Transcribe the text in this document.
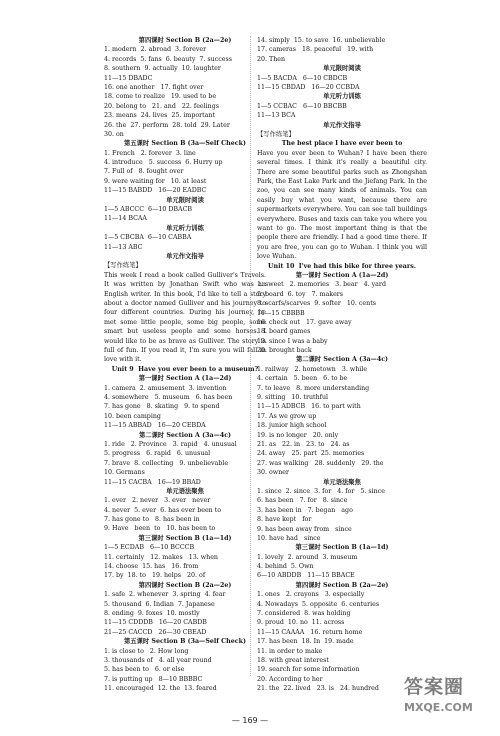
第四课时 Section B (2a—2e)
1. modern  2. abroad  3. forever
4. records  5. fans  6. beauty  7. success
8. southern  9. actually  10. laughter
11—15 DBADC
16. one another   17. fight over
18. come to realize   19. used to be
20. belong to   21. and   22. feelings
23. means  24. lives  25. important
26. the  27. perform  28. told  29. Later
30. on
第五课时 Section B (3a—Self Check)
1. French   2. forever  3. line
4. introduce   5. success  6. Hurry up
7. Full of   8. fought over
9. were waiting for   10. at least
11—15 BABDD   16—20 EADBC
单元限时阅读
1—5 ABCCC  6—10 DBACB
11—14 BCAA
单元听力训练
1—5 CBCBA  6—10 CABBA
11—13 ABC
单元作文指导
【写作练笔】
This week I read a book called Gulliver's Travels. It was written by Jonathan Swift who was an English writer. In this book, I'd like to tell a story about a doctor named Gulliver and his journey to four different countries. During his journey, he met some little people, some big people, some smart but useless people and some horses. I would like to be as brave as Gulliver. The story is full of fun. If you read it, I'm sure you will fall in love with it.
Unit 9  Have you ever been to a museum?
第一课时 Section A (1a—2d)
1. camera  2. amusement  3. invention
4. somewhere   5. museum   6. has been
7. has gone   8. skating   9. to spend
10. been camping
11—15 ABBAD   16—20 CEBDA
第二课时 Section A (3a—4c)
1. ride   2. Province   3. rapid   4. unusual
5. progress   6. rapid   6. unusual
7. brave  8. collecting   9. unbelievable
10. Germans
11—15 CACBA   16—19 BBAD
单元语法聚焦
1. ever   2. never   3. ever   never
4. never  5. ever  6. has ever been to
7. has gone to   8. has been in
9. Have   been  to   10. has been to
第三课时 Section B (1a—1d)
1—5 ECDAB   6—10 BCCCB
11. certainly   12. makes   13. when
14. choose  15. has   16. from
17. by  18. to   19. helps   20. of
第四课时 Section B (2a—2e)
1. safe  2. whenever  3. spring  4. fear
5. thousand  6. Indian  7. Japanese
8. ending  9. foxes  10. mostly
11—15 CDDDB   16—20 CABDB
21—25 CACCD   26—30 CBEAD
第五课时 Section B (3a—Self Check)
1. is close to   2. How long
3. thousands of   4. all year round
5. has been to   6. or else
7. is putting up   8—10 BBBBC
11. encouraged  12. the  13. feared
14. simply  15. to save  16. unbelievable
17. cameras   18. peaceful   19. with
20. Then
单元限时阅读
1—5 BACDA   6—10 CBDCB
11—15 CBDAD   16—20 CCBDA
单元听力训练
1—5 CCBAC   6—10 BBCBB
11—13 BCA
单元作文指导
【写作练笔】
The best place I have ever been to
Have you ever been to Wuhan? I have been there several times. I think it's really a beautiful city. There are some beautiful parks such as Zhongshan Park, the East Lake Park and the Jiefang Park. In the zoo, you can see many kinds of animals. You can easily buy what you want, because there are supermarkets everywhere. You can see tall buildings everywhere. Buses and taxis can take you where you want to go. The most important thing is that the people there are friendly. I had a good time there. If you are free, you can go to Wuhan. I think you will love Wuhan.
Unit 10  I've had this bike for three years.
第一课时 Section A (1a—2d)
1. sweet   2. memories   3. bear   4. yard
5. board  6. toy   7. makers
8. scarfs/scarves  9. softer   10. cents
11—15 CBBBB
16. check out   17. gave away
18. board games
19. since I was a baby
20. brought back
第二课时 Section A (3a—4c)
1. railway   2. hometown   3. while
4. certain   5. been   6. to be
7. to leave   8. more understanding
9. sitting   10. truthful
11—15 ADBCB   16. to part with
17. As we grow up
18. junior high school
19. is no longer   20. only
21. as   22. in   23. to   24. as
24. away   25. part  25. memories
27. was walking   28. suddenly   29. the
30. owner
单元语法聚焦
1. since  2. since  3. for   4. for   5. since
6. has been   7. for   8. since
3. has been in   7. began   ago
8. have kept   for
9. has been away from   since
10. have had   since
第三课时 Section B (1a—1d)
1. lovely  2. around  3. museum
4. behind  5. Own
6—10 ABDDB   11—15 BBACE
第四课时 Section B (2a—2e)
1. ones   2. crayons   3. especially
4. Nowadays  5. opposite  6. centuries
7. considered  8. was holding
9. proud  10. no  11. across
11—15 CAAAA   16. return home
17. has been  18. In  19. made
11. in order to make
18. with great interest
19. search for some information
20. According to her
21. the  22. lived   23. is   24. hundred
— 169 —
答案圈
MXQE.COM
